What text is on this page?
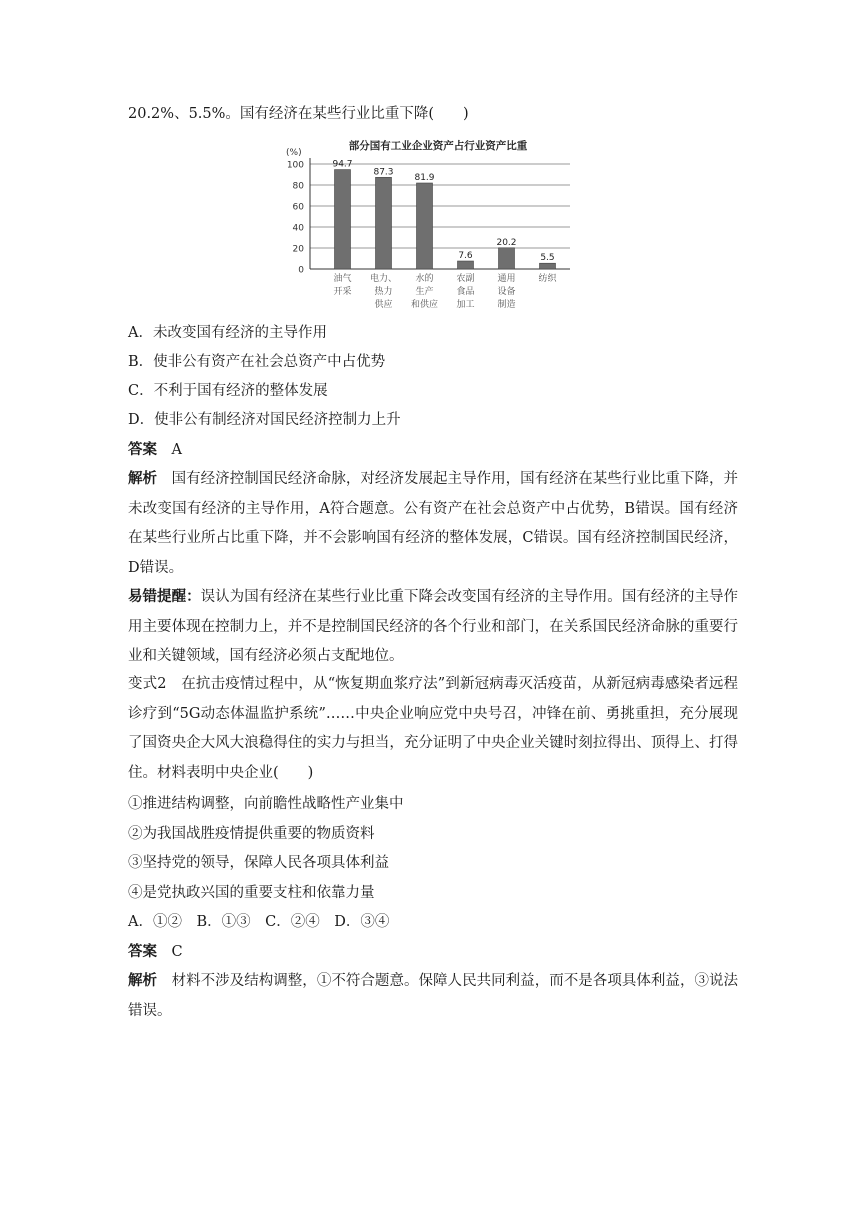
20.2%、5.5%。国有经济在某些行业比重下降(　　)
部分国有工业企业资产占行业资产比重
(%)
0
20
40
60
80
100	94.7
油气
开采
87.3
电力、
热力
供应
81.9
水的
生产
和供应
7.6
农副
食品
加工
20.2
通用
设备
制造
5.5
纺织
A．未改变国有经济的主导作用
B．使非公有资产在社会总资产中占优势
C．不利于国有经济的整体发展
D．使非公有制经济对国民经济控制力上升
答案　 A
解析　 国有经济控制国民经济命脉，对经济发展起主导作用，国有经济在某些行业比重下降，并未改变国有经济的主导作用，A符合题意。公有资产在社会总资产中占优势，B错误。国有经济在某些行业所占比重下降，并不会影响国有经济的整体发展，C错误。国有经济控制国民经济，D错误。
易错提醒：误认为国有经济在某些行业比重下降会改变国有经济的主导作用。国有经济的主导作用主要体现在控制力上，并不是控制国民经济的各个行业和部门，在关系国民经济命脉的重要行业和关键领域，国有经济必须占支配地位。
变式2　在抗击疫情过程中，从“恢复期血浆疗法”到新冠病毒灭活疫苗，从新冠病毒感染者远程诊疗到“5G动态体温监护系统”……中央企业响应党中央号召，冲锋在前、勇挑重担，充分展现了国资央企大风大浪稳得住的实力与担当，充分证明了中央企业关键时刻拉得出、顶得上、打得住。材料表明中央企业(　　)
①推进结构调整，向前瞻性战略性产业集中
②为我国战胜疫情提供重要的物质资料
③坚持党的领导，保障人民各项具体利益
④是党执政兴国的重要支柱和依靠力量
A．①②　B．①③　C．②④　D．③④
答案　 C
解析　 材料不涉及结构调整，①不符合题意。保障人民共同利益，而不是各项具体利益，③说法错误。
